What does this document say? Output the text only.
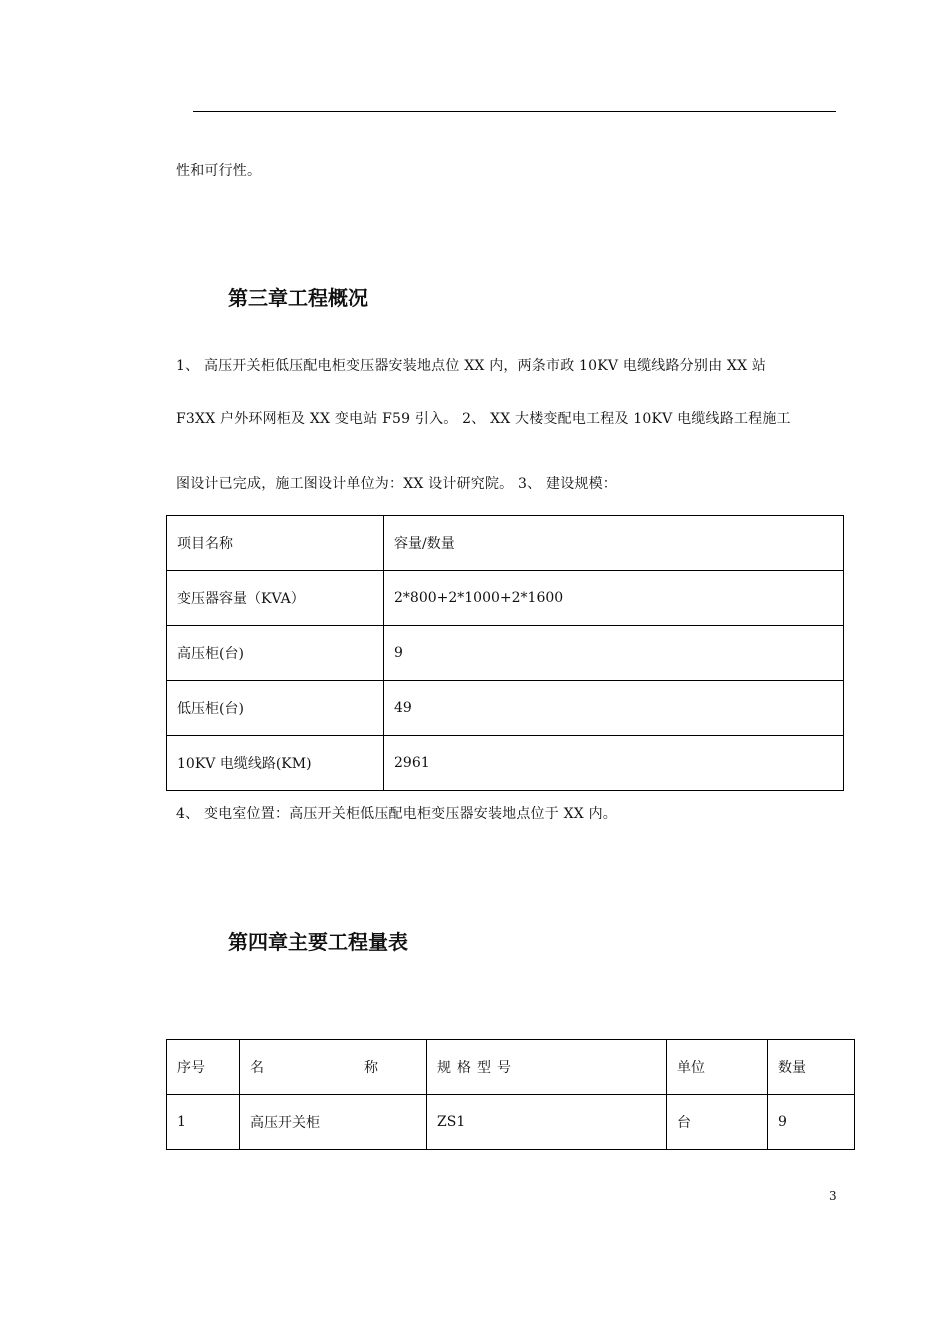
性和可行性。
第三章工程概况
1、 高压开关柜低压配电柜变压器安装地点位 XX 内，两条市政 10KV 电缆线路分别由 XX 站
F3XX 户外环网柜及 XX 变电站 F59 引入。 2、 XX 大楼变配电工程及 10KV 电缆线路工程施工
图设计已完成，施工图设计单位为：XX 设计研究院。 3、 建设规模：
项目名称	容量/数量
变压器容量（KVA）	2*800+2*1000+2*1600
高压柜(台)	9
低压柜(台)	49
10KV 电缆线路(KM)	2961
4、 变电室位置：高压开关柜低压配电柜变压器安装地点位于 XX 内。
第四章主要工程量表
序号	名 称	规格型号	单位	数量
1	高压开关柜	ZS1	台	9
3
